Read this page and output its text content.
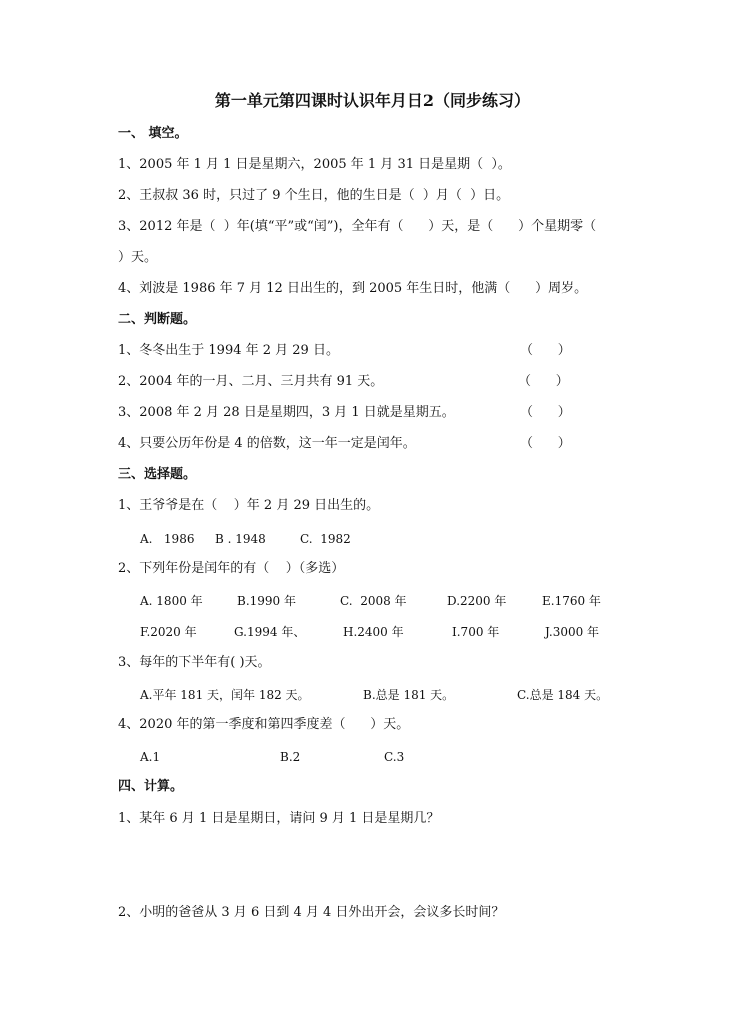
第一单元第四课时认识年月日2（同步练习）
一、 填空。
1、2005 年 1 月 1 日是星期六，2005 年 1 月 31 日是星期（  ）。
2、王叔叔 36 时，只过了 9 个生日，他的生日是（  ）月（  ）日。
3、2012 年是（  ）年(填“平”或“闰”)，全年有（      ）天，是（      ）个星期零（
）天。
4、刘波是 1986 年 7 月 12 日出生的，到 2005 年生日时，他满（      ）周岁。
二、判断题。
1、冬冬出生于 1994 年 2 月 29 日。	（      ）
2、2004 年的一月、二月、三月共有 91 天。	（      ）
3、2008 年 2 月 28 日是星期四，3 月 1 日就是星期五。	（      ）
4、只要公历年份是 4 的倍数，这一年一定是闰年。	（      ）
三、选择题。
1、王爷爷是在（    ）年 2 月 29 日出生的。
A.   1986 B . 1948	C.  1982
2、下列年份是闰年的有（    ）（多选）
A. 1800 年	B.1990 年	C.  2008 年	D.2200 年	E.1760 年
F.2020 年	G.1994 年、	H.2400 年	I.700 年	J.3000 年
3、每年的下半年有( )天。
A.平年 181 天，闰年 182 天。	B.总是 181 天。	C.总是 184 天。
4、2020 年的第一季度和第四季度差（      ）天。
A.1	B.2	C.3
四、计算。
1、某年 6 月 1 日是星期日，请问 9 月 1 日是星期几？
2、小明的爸爸从 3 月 6 日到 4 月 4 日外出开会，会议多长时间？
